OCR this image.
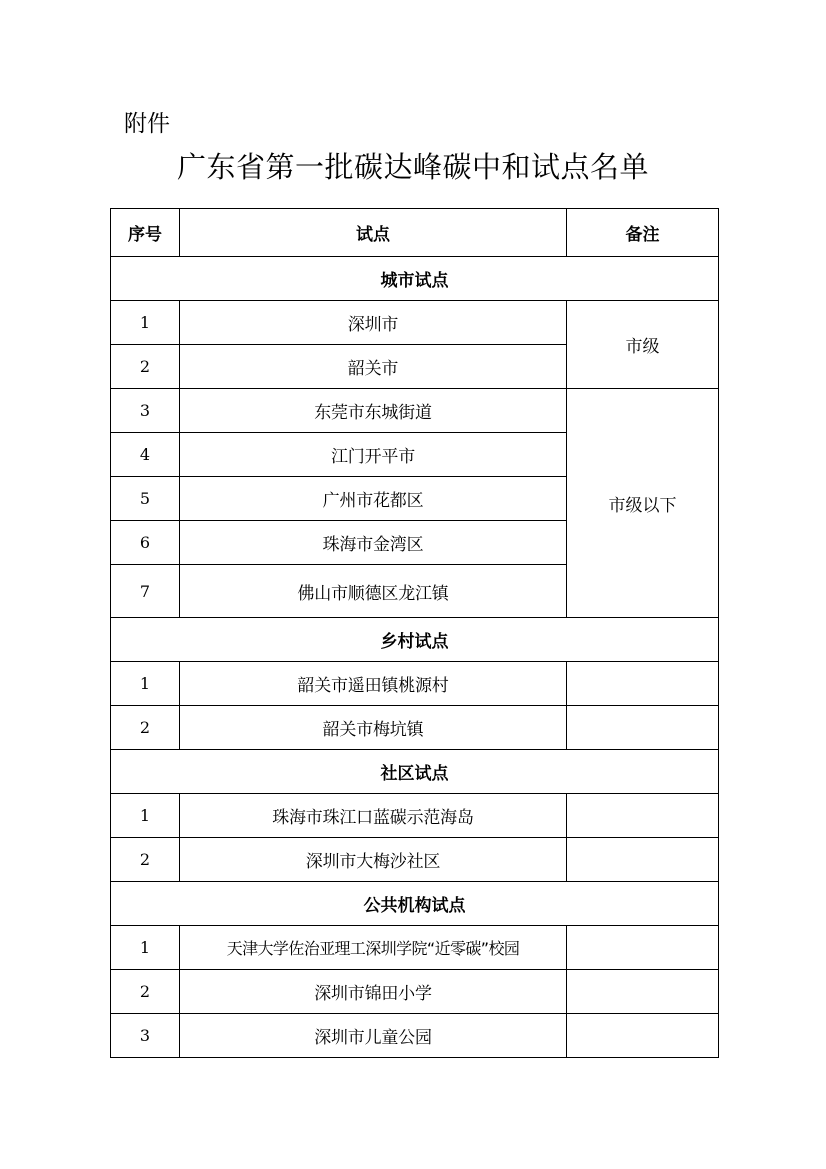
附件
广东省第一批碳达峰碳中和试点名单
序号	试点	备注
城市试点		
1	深圳市	市级
2	韶关市	
3	东莞市东城街道	市级以下
4	江门开平市	
5	广州市花都区	
6	珠海市金湾区	
7	佛山市顺德区龙江镇	
乡村试点		
1	韶关市遥田镇桃源村	
2	韶关市梅坑镇	
社区试点		
1	珠海市珠江口蓝碳示范海岛	
2	深圳市大梅沙社区	
公共机构试点		
1	天津大学佐治亚理工深圳学院“近零碳”校园	
2	深圳市锦田小学	
3	深圳市儿童公园	
